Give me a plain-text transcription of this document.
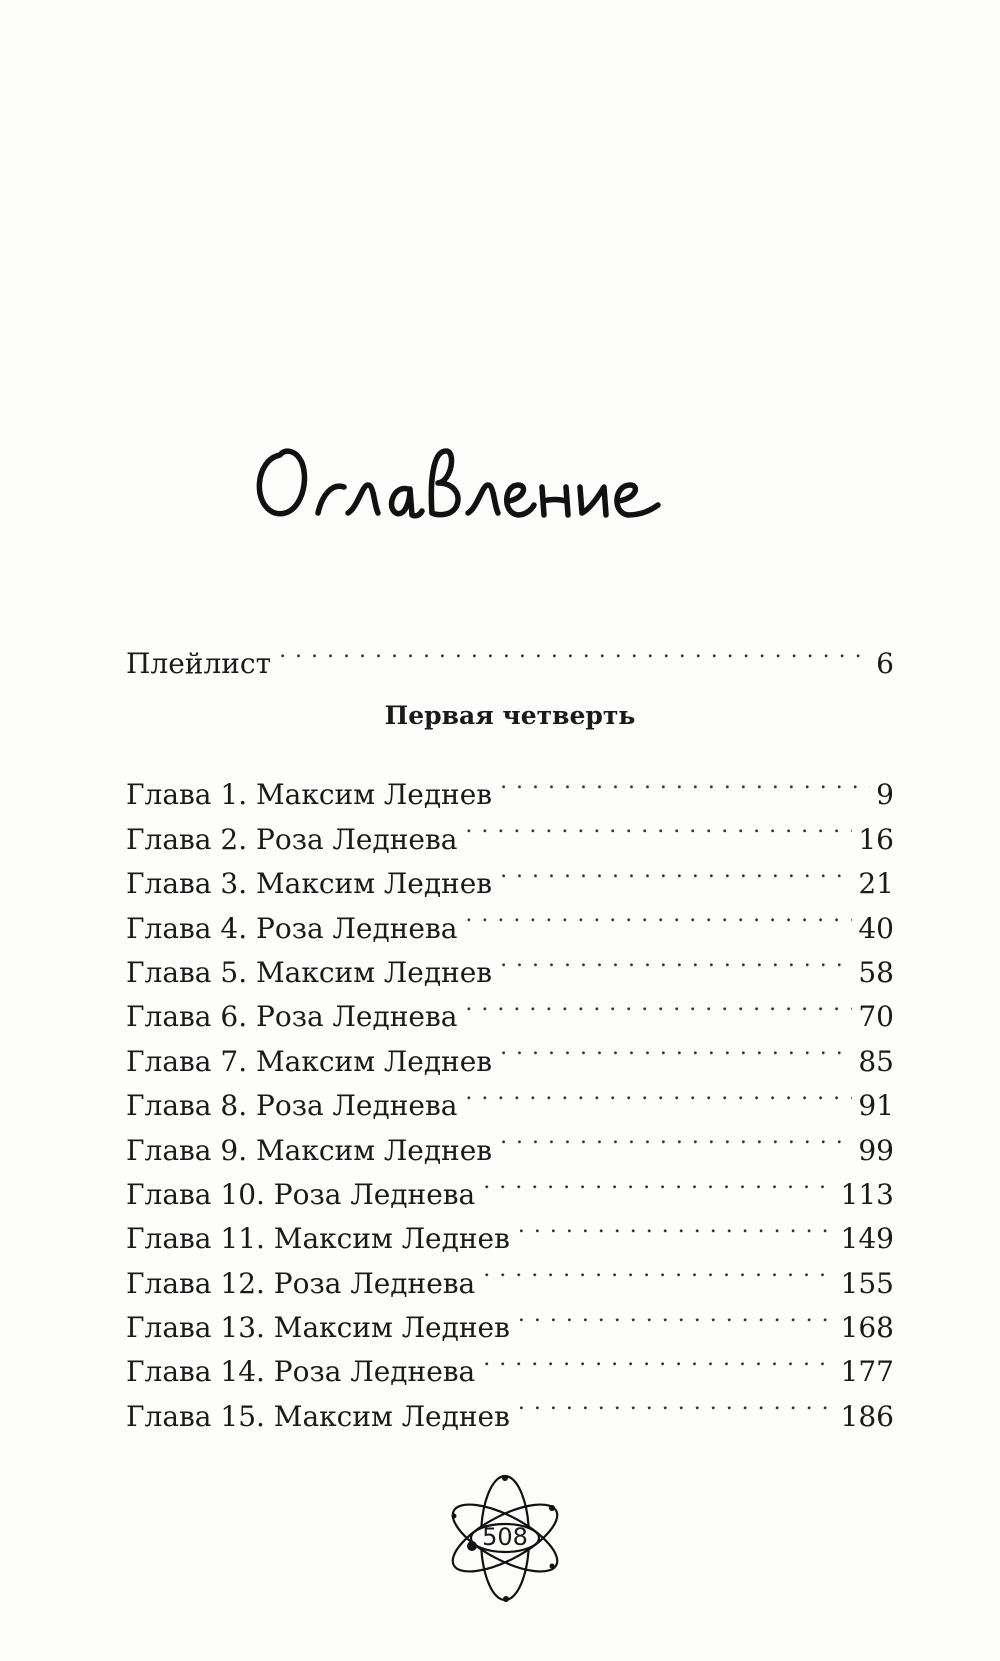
Плейлист . . .	6
Первая четверть
Глава 1. Максим Леднев . . .	9
Глава 2. Роза Леднева . . .	16
Глава 3. Максим Леднев . . .	21
Глава 4. Роза Леднева . . .	40
Глава 5. Максим Леднев . . .	58
Глава 6. Роза Леднева . . .	70
Глава 7. Максим Леднев . . .	85
Глава 8. Роза Леднева . . .	91
Глава 9. Максим Леднев . . .	99
Глава 10. Роза Леднева . . .	113
Глава 11. Максим Леднев . . .	149
Глава 12. Роза Леднева . . .	155
Глава 13. Максим Леднев . . .	168
Глава 14. Роза Леднева . . .	177
Глава 15. Максим Леднев . . .	186
508
